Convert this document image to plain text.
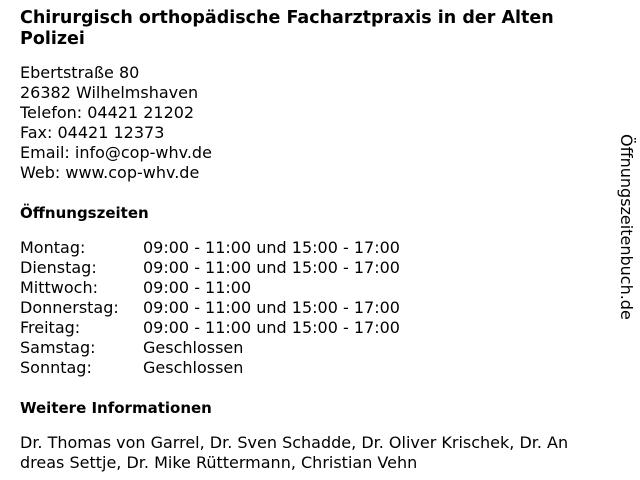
Chirurgisch orthopädische Facharztpraxis in der Alten
Polizei
Ebertstraße 80
26382 Wilhelmshaven
Telefon: 04421 21202
Fax: 04421 12373
Email: info@cop-whv.de
Web: www.cop-whv.de
Öffnungszeiten
Montag:	09:00 - 11:00 und 15:00 - 17:00
Dienstag:	09:00 - 11:00 und 15:00 - 17:00
Mittwoch:	09:00 - 11:00
Donnerstag:	09:00 - 11:00 und 15:00 - 17:00
Freitag:	09:00 - 11:00 und 15:00 - 17:00
Samstag:	Geschlossen
Sonntag:	Geschlossen
Weitere Informationen
Dr. Thomas von Garrel, Dr. Sven Schadde, Dr. Oliver Krischek, Dr. An
dreas Settje, Dr. Mike Rüttermann, Christian Vehn
Öffnungszeitenbuch.de
